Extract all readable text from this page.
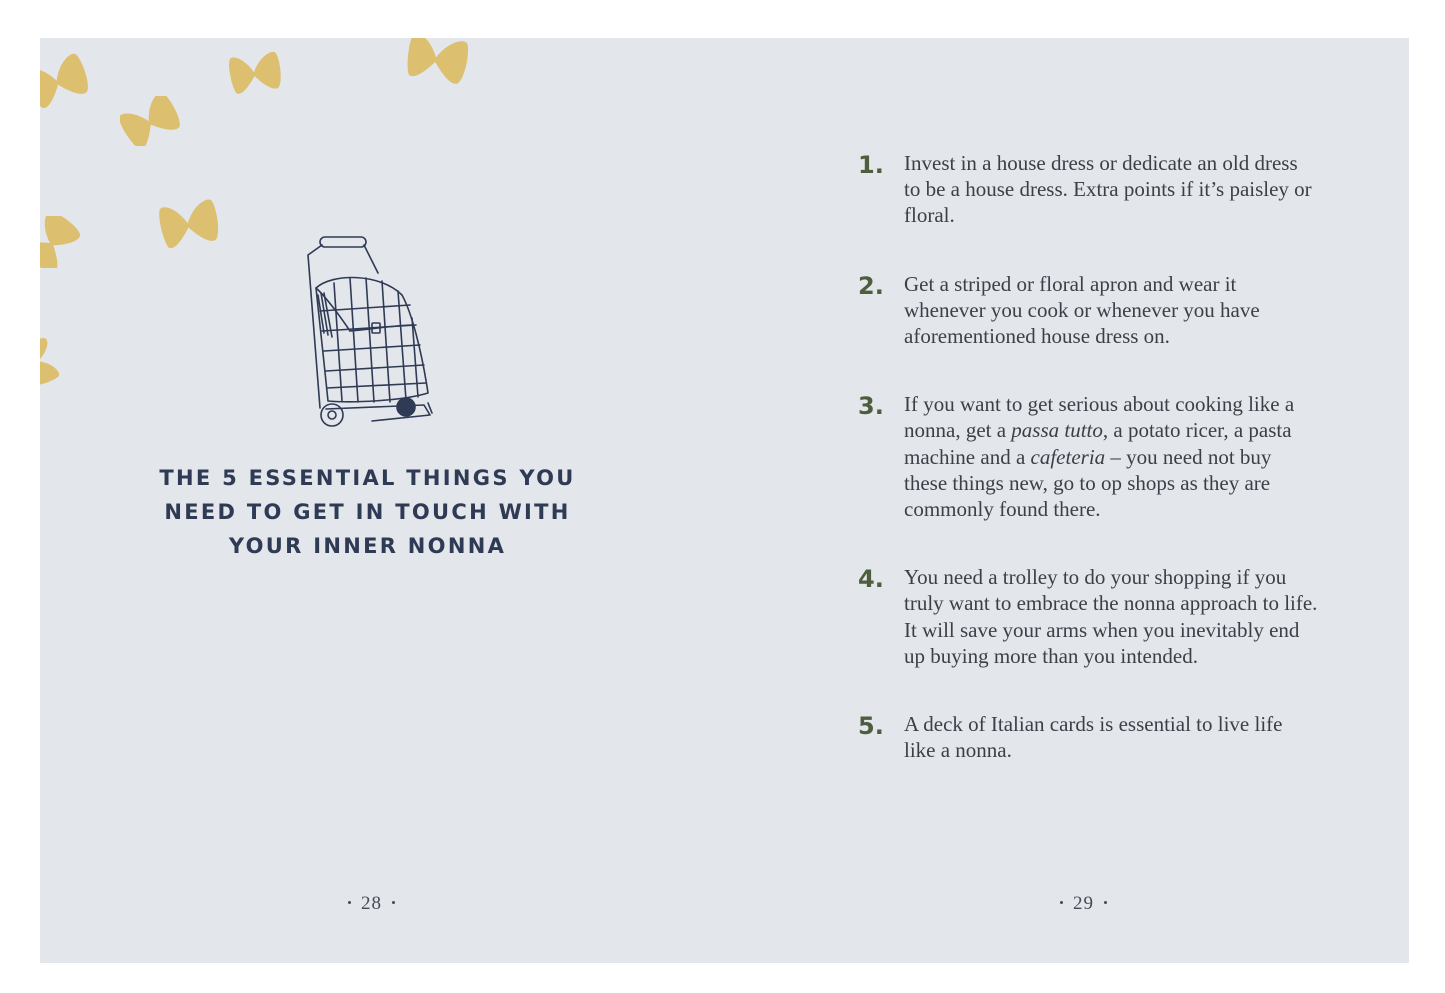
THE 5 ESSENTIAL THINGS YOU NEED TO GET IN TOUCH WITH YOUR INNER NONNA
28
1. Invest in a house dress or dedicate an old dress to be a house dress. Extra points if it’s paisley or floral.

2. Get a striped or floral apron and wear it whenever you cook or whenever you have aforementioned house dress on.

3. If you want to get serious about cooking like a nonna, get a passa tutto, a potato ricer, a pasta machine and a cafeteria – you need not buy these things new, go to op shops as they are commonly found there.

4. You need a trolley to do your shopping if you truly want to embrace the nonna approach to life. It will save your arms when you inevitably end up buying more than you intended.

5. A deck of Italian cards is essential to live life like a nonna.

29
